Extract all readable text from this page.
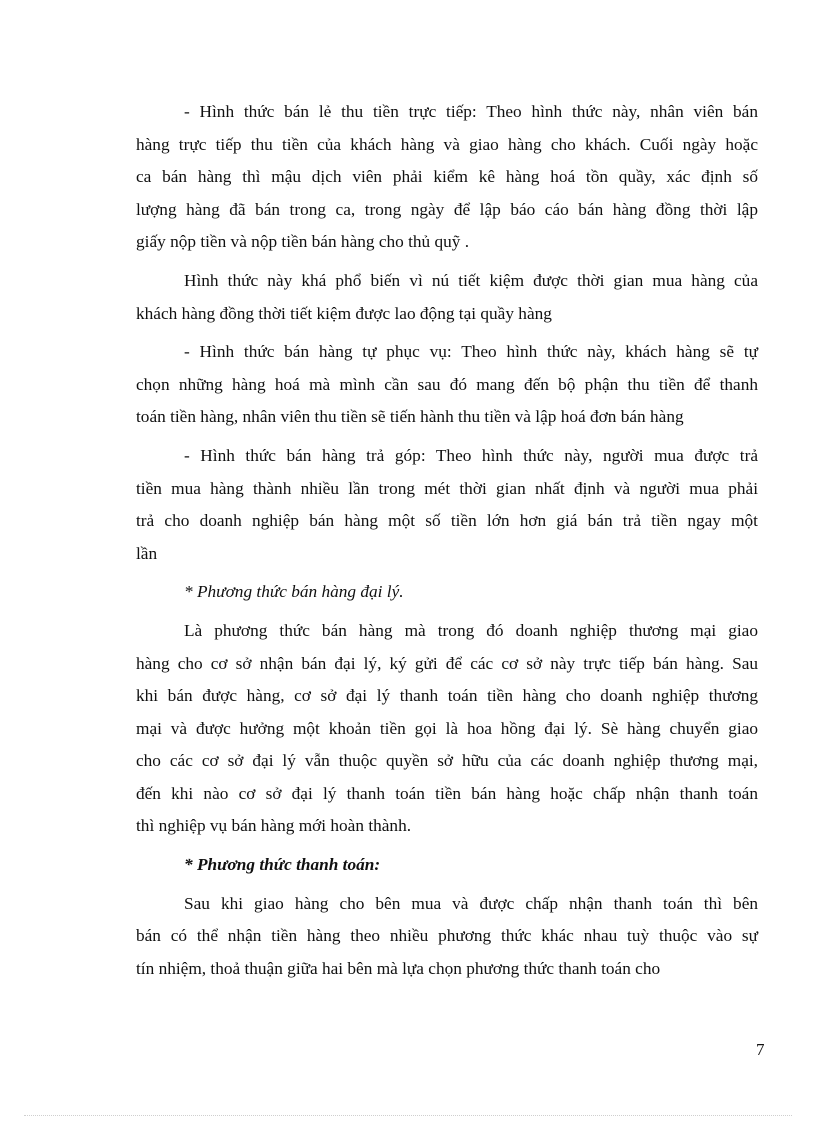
- Hình thức bán lẻ thu tiền trực tiếp: Theo hình thức này, nhân viên bán
hàng trực tiếp thu tiền của khách hàng và giao hàng cho khách. Cuối ngày hoặc
ca bán hàng thì mậu dịch viên phải kiểm kê hàng hoá tồn quầy, xác định số
lượng hàng đã bán trong ca, trong ngày để lập báo cáo bán hàng đồng thời lập
giấy nộp tiền và nộp tiền bán hàng cho thủ quỹ .

Hình thức này khá phổ biến vì nú tiết kiệm được thời gian mua hàng của
khách hàng đồng thời tiết kiệm được lao động tại quầy hàng

- Hình thức bán hàng tự phục vụ: Theo hình thức này, khách hàng sẽ tự
chọn những hàng hoá mà mình cần sau đó mang đến bộ phận thu tiền để thanh
toán tiền hàng, nhân viên thu tiền sẽ tiến hành thu tiền và lập hoá đơn bán hàng

- Hình thức bán hàng trả góp: Theo hình thức này, người mua được trả
tiền mua hàng thành nhiều lần trong mét thời gian nhất định và người mua phải
trả cho doanh nghiệp bán hàng một số tiền lớn hơn giá bán trả tiền ngay một
lần

* Phương thức bán hàng đại lý.

Là phương thức bán hàng mà trong đó doanh nghiệp thương mại giao
hàng cho cơ sở nhận bán đại lý, ký gửi để các cơ sở này trực tiếp bán hàng. Sau
khi bán được hàng, cơ sở đại lý thanh toán tiền hàng cho doanh nghiệp thương
mại và được hưởng một khoản tiền gọi là hoa hồng đại lý. Sè hàng chuyển giao
cho các cơ sở đại lý vẫn thuộc quyền sở hữu của các doanh nghiệp thương mại,
đến khi nào cơ sở đại lý thanh toán tiền bán hàng hoặc chấp nhận thanh toán
thì nghiệp vụ bán hàng mới hoàn thành.

* Phương thức thanh toán:

Sau khi giao hàng cho bên mua và được chấp nhận thanh toán thì bên
bán có thể nhận tiền hàng theo nhiều phương thức khác nhau tuỳ thuộc vào sự
tín nhiệm, thoả thuận giữa hai bên mà lựa chọn phương thức thanh toán cho

7
